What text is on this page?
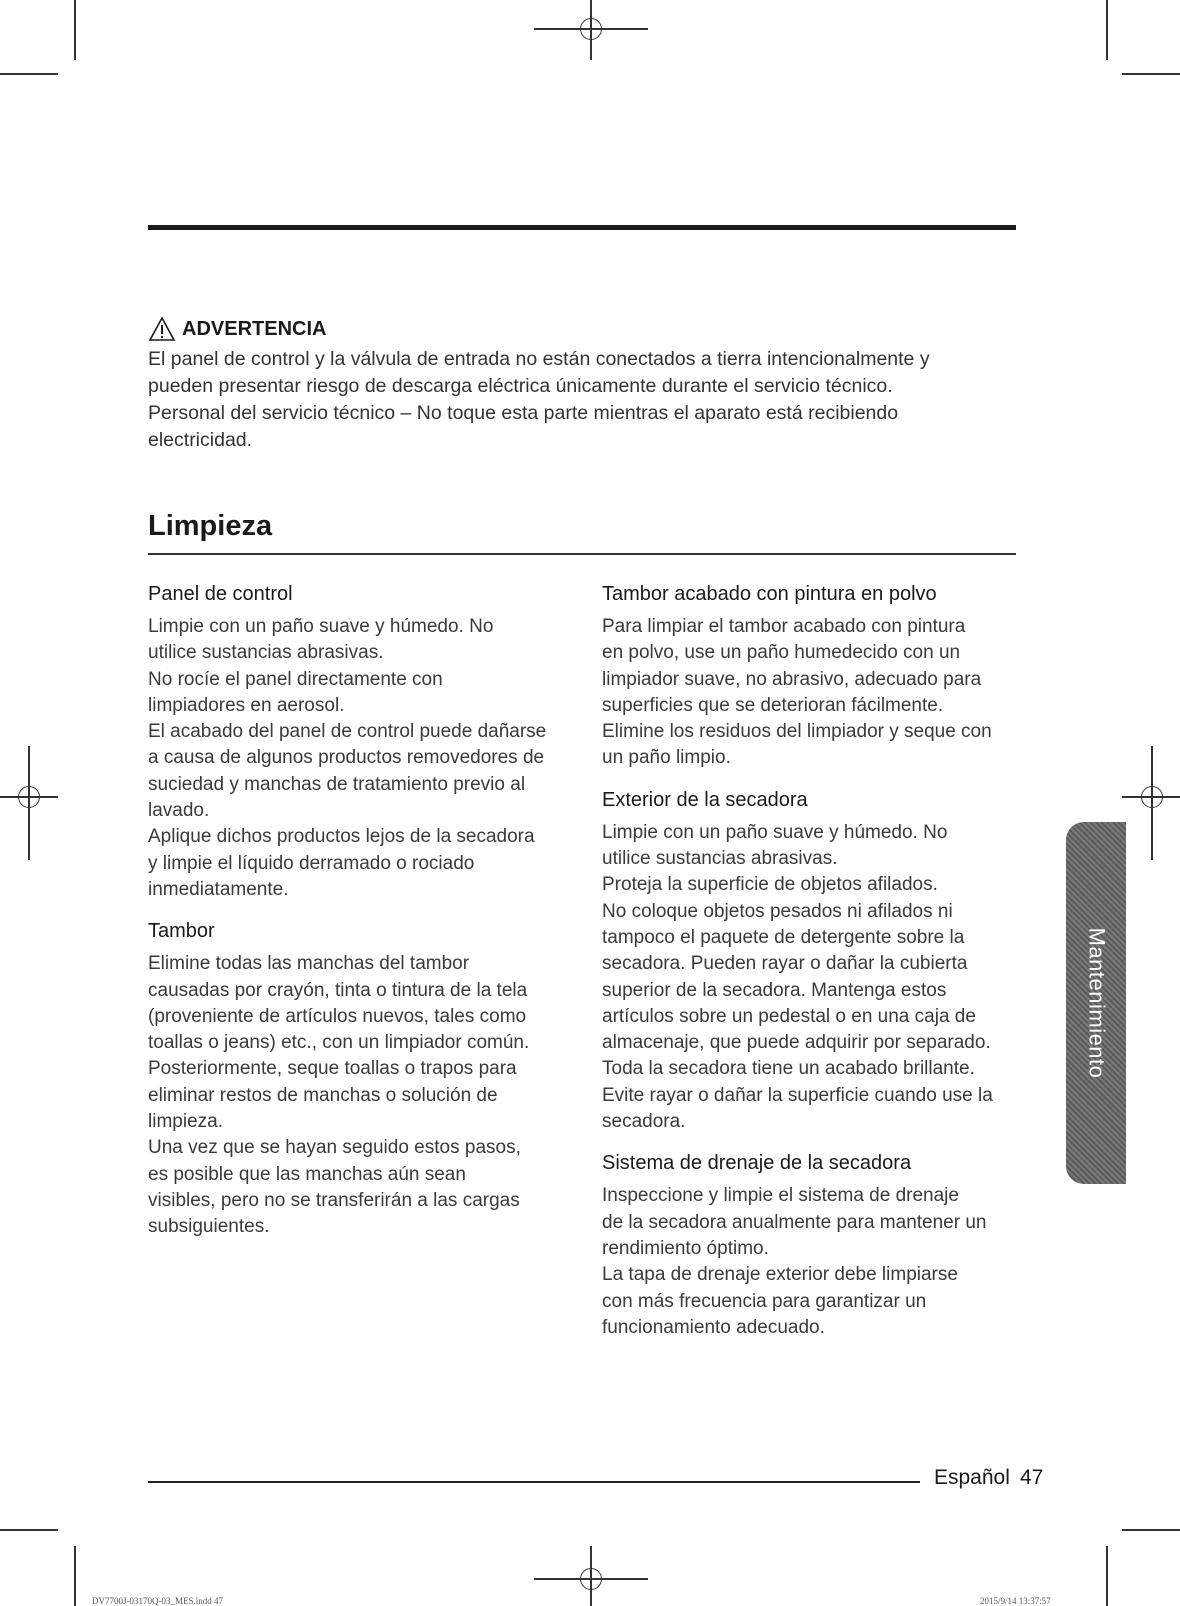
ADVERTENCIA
El panel de control y la válvula de entrada no están conectados a tierra intencionalmente y
pueden presentar riesgo de descarga eléctrica únicamente durante el servicio técnico.
Personal del servicio técnico – No toque esta parte mientras el aparato está recibiendo
electricidad.
Limpieza
Panel de control
Limpie con un paño suave y húmedo. No
utilice sustancias abrasivas.
No rocíe el panel directamente con
limpiadores en aerosol.
El acabado del panel de control puede dañarse
a causa de algunos productos removedores de
suciedad y manchas de tratamiento previo al
lavado.
Aplique dichos productos lejos de la secadora
y limpie el líquido derramado o rociado
inmediatamente.
Tambor
Elimine todas las manchas del tambor
causadas por crayón, tinta o tintura de la tela
(proveniente de artículos nuevos, tales como
toallas o jeans) etc., con un limpiador común.
Posteriormente, seque toallas o trapos para
eliminar restos de manchas o solución de
limpieza.
Una vez que se hayan seguido estos pasos,
es posible que las manchas aún sean
visibles, pero no se transferirán a las cargas
subsiguientes.
Tambor acabado con pintura en polvo
Para limpiar el tambor acabado con pintura
en polvo, use un paño humedecido con un
limpiador suave, no abrasivo, adecuado para
superficies que se deterioran fácilmente.
Elimine los residuos del limpiador y seque con
un paño limpio.
Exterior de la secadora
Limpie con un paño suave y húmedo. No
utilice sustancias abrasivas.
Proteja la superficie de objetos afilados.
No coloque objetos pesados ni afilados ni
tampoco el paquete de detergente sobre la
secadora. Pueden rayar o dañar la cubierta
superior de la secadora. Mantenga estos
artículos sobre un pedestal o en una caja de
almacenaje, que puede adquirir por separado.
Toda la secadora tiene un acabado brillante.
Evite rayar o dañar la superficie cuando use la
secadora.
Sistema de drenaje de la secadora
Inspeccione y limpie el sistema de drenaje
de la secadora anualmente para mantener un
rendimiento óptimo.
La tapa de drenaje exterior debe limpiarse
con más frecuencia para garantizar un
funcionamiento adecuado.
Mantenimiento
Español 47
DV7700J-03170Q-03_MES.indd 47	2015/9/14 13:37:57
